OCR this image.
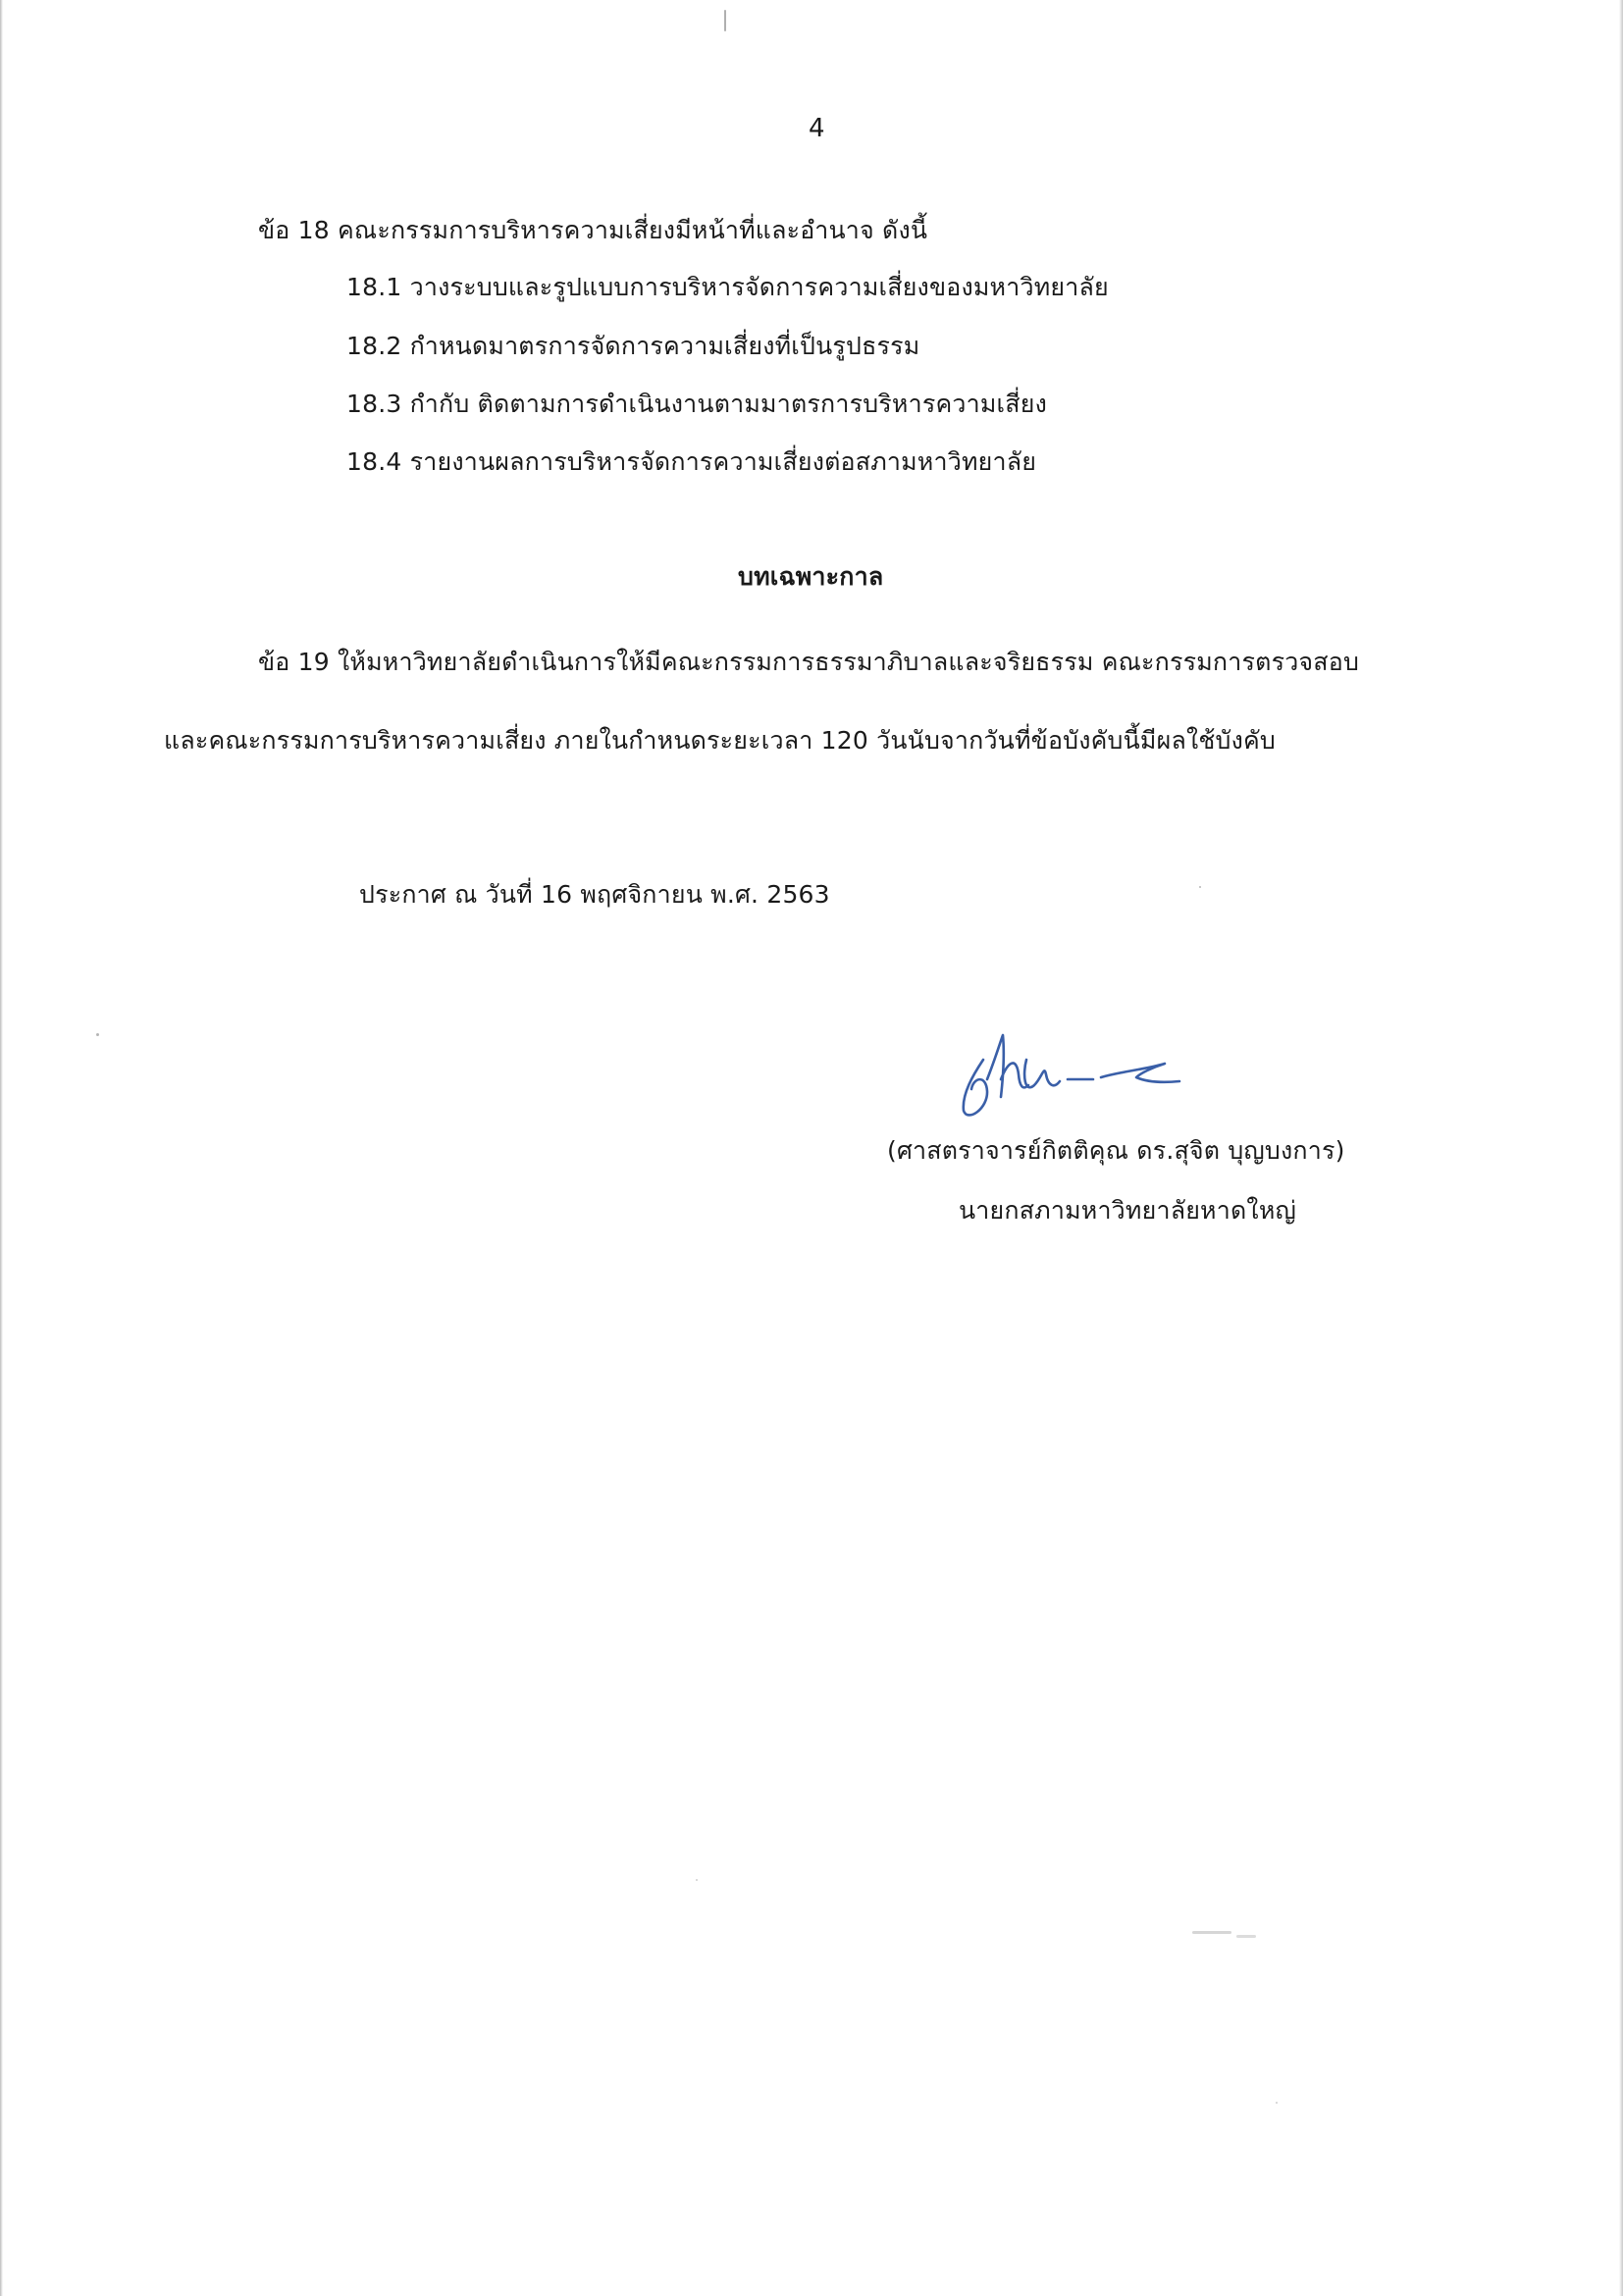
4
ข้อ 18 คณะกรรมการบริหารความเสี่ยงมีหน้าที่และอำนาจ ดังนี้
18.1 วางระบบและรูปแบบการบริหารจัดการความเสี่ยงของมหาวิทยาลัย
18.2 กำหนดมาตรการจัดการความเสี่ยงที่เป็นรูปธรรม
18.3 กำกับ ติดตามการดำเนินงานตามมาตรการบริหารความเสี่ยง
18.4 รายงานผลการบริหารจัดการความเสี่ยงต่อสภามหาวิทยาลัย
บทเฉพาะกาล
ข้อ 19 ให้มหาวิทยาลัยดำเนินการให้มีคณะกรรมการธรรมาภิบาลและจริยธรรม คณะกรรมการตรวจสอบ
และคณะกรรมการบริหารความเสี่ยง ภายในกำหนดระยะเวลา 120 วันนับจากวันที่ข้อบังคับนี้มีผลใช้บังคับ
ประกาศ ณ วันที่ 16 พฤศจิกายน พ.ศ. 2563
(ศาสตราจารย์กิตติคุณ ดร.สุจิต บุญบงการ)
นายกสภามหาวิทยาลัยหาดใหญ่
